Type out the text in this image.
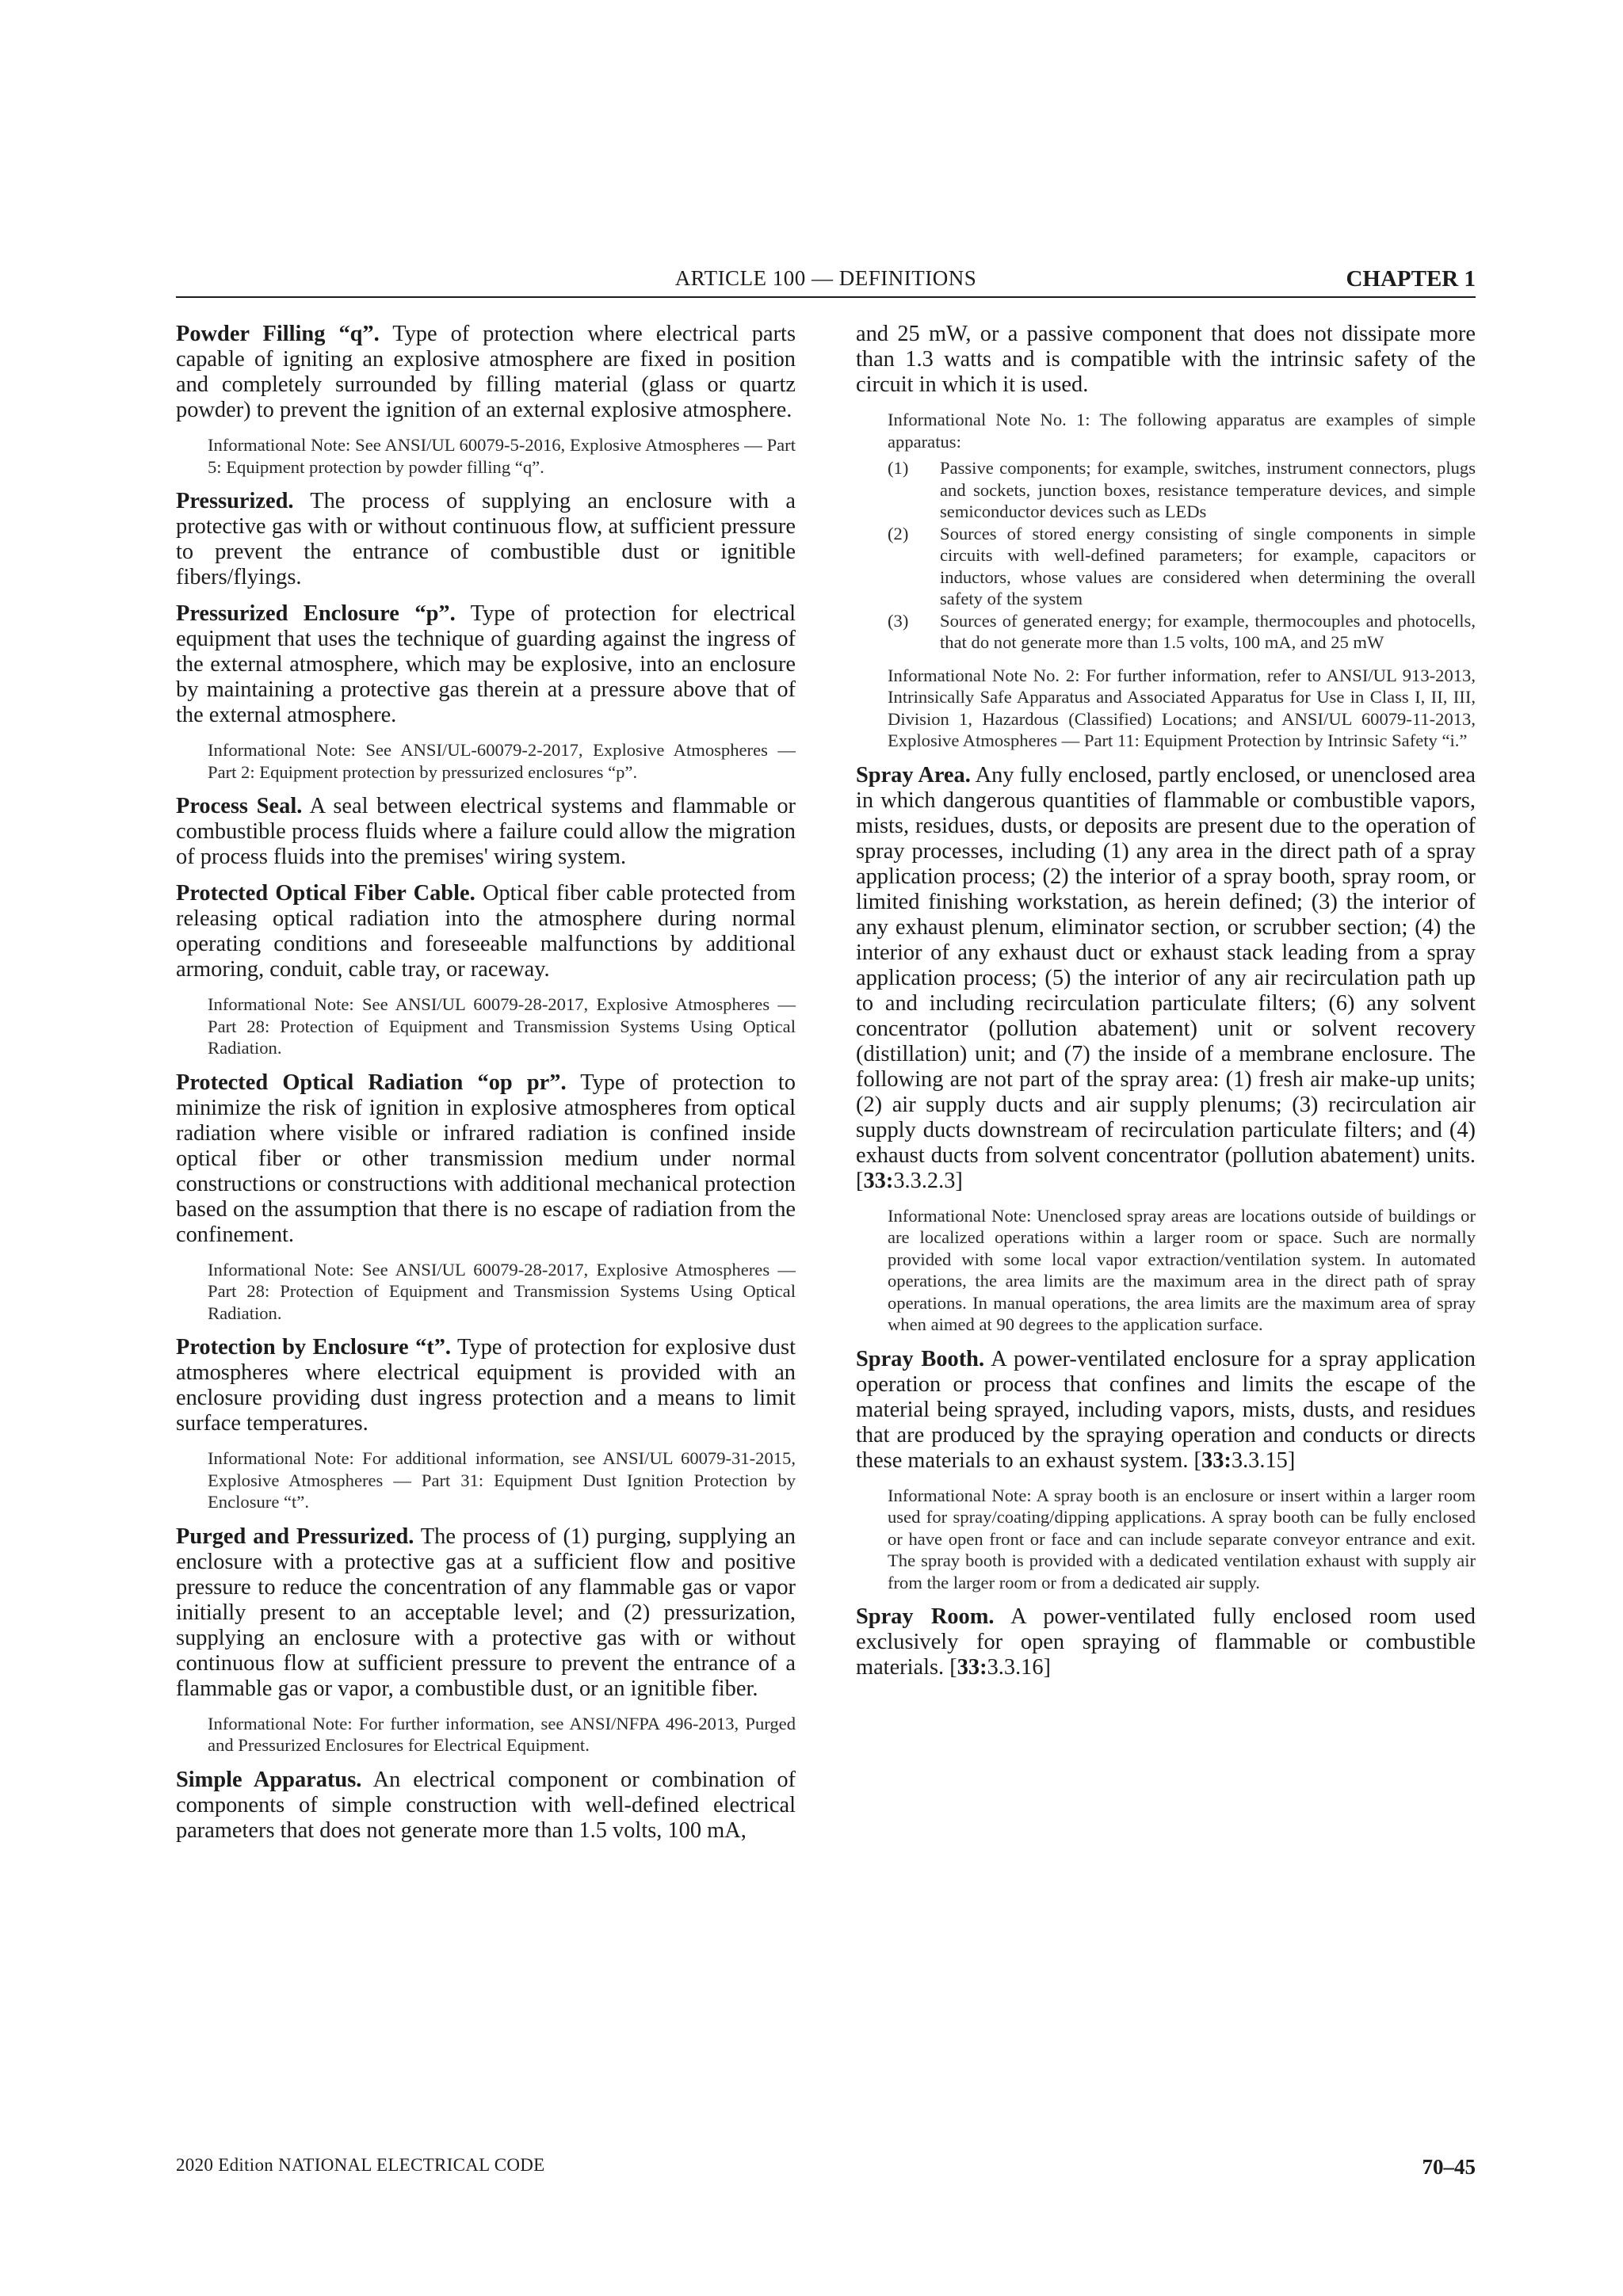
ARTICLE 100 — DEFINITIONS	CHAPTER 1

Powder Filling “q”. Type of protection where electrical parts capable of igniting an explosive atmosphere are fixed in position and completely surrounded by filling material (glass or quartz powder) to prevent the ignition of an external explosive atmosphere.

Informational Note: See ANSI/UL 60079-5-2016, Explosive Atmospheres — Part 5: Equipment protection by powder filling “q”.

Pressurized. The process of supplying an enclosure with a protective gas with or without continuous flow, at sufficient pressure to prevent the entrance of combustible dust or ignitible fibers/flyings.

Pressurized Enclosure “p”. Type of protection for electrical equipment that uses the technique of guarding against the ingress of the external atmosphere, which may be explosive, into an enclosure by maintaining a protective gas therein at a pressure above that of the external atmosphere.

Informational Note: See ANSI/UL-60079-2-2017, Explosive Atmospheres — Part 2: Equipment protection by pressurized enclosures “p”.

Process Seal. A seal between electrical systems and flammable or combustible process fluids where a failure could allow the migration of process fluids into the premises' wiring system.

Protected Optical Fiber Cable. Optical fiber cable protected from releasing optical radiation into the atmosphere during normal operating conditions and foreseeable malfunctions by additional armoring, conduit, cable tray, or raceway.

Informational Note: See ANSI/UL 60079-28-2017, Explosive Atmospheres — Part 28: Protection of Equipment and Transmission Systems Using Optical Radiation.

Protected Optical Radiation “op pr”. Type of protection to minimize the risk of ignition in explosive atmospheres from optical radiation where visible or infrared radiation is confined inside optical fiber or other transmission medium under normal constructions or constructions with additional mechanical protection based on the assumption that there is no escape of radiation from the confinement.

Informational Note: See ANSI/UL 60079-28-2017, Explosive Atmospheres — Part 28: Protection of Equipment and Transmission Systems Using Optical Radiation.

Protection by Enclosure “t”. Type of protection for explosive dust atmospheres where electrical equipment is provided with an enclosure providing dust ingress protection and a means to limit surface temperatures.

Informational Note: For additional information, see ANSI/UL 60079-31-2015, Explosive Atmospheres — Part 31: Equipment Dust Ignition Protection by Enclosure “t”.

Purged and Pressurized. The process of (1) purging, supplying an enclosure with a protective gas at a sufficient flow and positive pressure to reduce the concentration of any flammable gas or vapor initially present to an acceptable level; and (2) pressurization, supplying an enclosure with a protective gas with or without continuous flow at sufficient pressure to prevent the entrance of a flammable gas or vapor, a combustible dust, or an ignitible fiber.

Informational Note: For further information, see ANSI/NFPA 496-2013, Purged and Pressurized Enclosures for Electrical Equipment.

Simple Apparatus. An electrical component or combination of components of simple construction with well-defined electrical parameters that does not generate more than 1.5 volts, 100 mA,

and 25 mW, or a passive component that does not dissipate more than 1.3 watts and is compatible with the intrinsic safety of the circuit in which it is used.

Informational Note No. 1: The following apparatus are examples of simple apparatus:

(1)	Passive components; for example, switches, instrument connectors, plugs and sockets, junction boxes, resistance temperature devices, and simple semiconductor devices such as LEDs
(2)	Sources of stored energy consisting of single components in simple circuits with well-defined parameters; for example, capacitors or inductors, whose values are considered when determining the overall safety of the system
(3)	Sources of generated energy; for example, thermocouples and photocells, that do not generate more than 1.5 volts, 100 mA, and 25 mW

Informational Note No. 2: For further information, refer to ANSI/UL 913-2013, Intrinsically Safe Apparatus and Associated Apparatus for Use in Class I, II, III, Division 1, Hazardous (Classified) Locations; and ANSI/UL 60079-11-2013, Explosive Atmospheres — Part 11: Equipment Protection by Intrinsic Safety “i.”

Spray Area. Any fully enclosed, partly enclosed, or unenclosed area in which dangerous quantities of flammable or combustible vapors, mists, residues, dusts, or deposits are present due to the operation of spray processes, including (1) any area in the direct path of a spray application process; (2) the interior of a spray booth, spray room, or limited finishing workstation, as herein defined; (3) the interior of any exhaust plenum, eliminator section, or scrubber section; (4) the interior of any exhaust duct or exhaust stack leading from a spray application process; (5) the interior of any air recirculation path up to and including recirculation particulate filters; (6) any solvent concentrator (pollution abatement) unit or solvent recovery (distillation) unit; and (7) the inside of a membrane enclosure. The following are not part of the spray area: (1) fresh air make-up units; (2) air supply ducts and air supply plenums; (3) recirculation air supply ducts downstream of recirculation particulate filters; and (4) exhaust ducts from solvent concentrator (pollution abatement) units. [33:3.3.2.3]

Informational Note: Unenclosed spray areas are locations outside of buildings or are localized operations within a larger room or space. Such are normally provided with some local vapor extraction/ventilation system. In automated operations, the area limits are the maximum area in the direct path of spray operations. In manual operations, the area limits are the maximum area of spray when aimed at 90 degrees to the application surface.

Spray Booth. A power-ventilated enclosure for a spray application operation or process that confines and limits the escape of the material being sprayed, including vapors, mists, dusts, and residues that are produced by the spraying operation and conducts or directs these materials to an exhaust system. [33:3.3.15]

Informational Note: A spray booth is an enclosure or insert within a larger room used for spray/coating/dipping applications. A spray booth can be fully enclosed or have open front or face and can include separate conveyor entrance and exit. The spray booth is provided with a dedicated ventilation exhaust with supply air from the larger room or from a dedicated air supply.

Spray Room. A power-ventilated fully enclosed room used exclusively for open spraying of flammable or combustible materials. [33:3.3.16]

2020 Edition NATIONAL ELECTRICAL CODE	70–45
